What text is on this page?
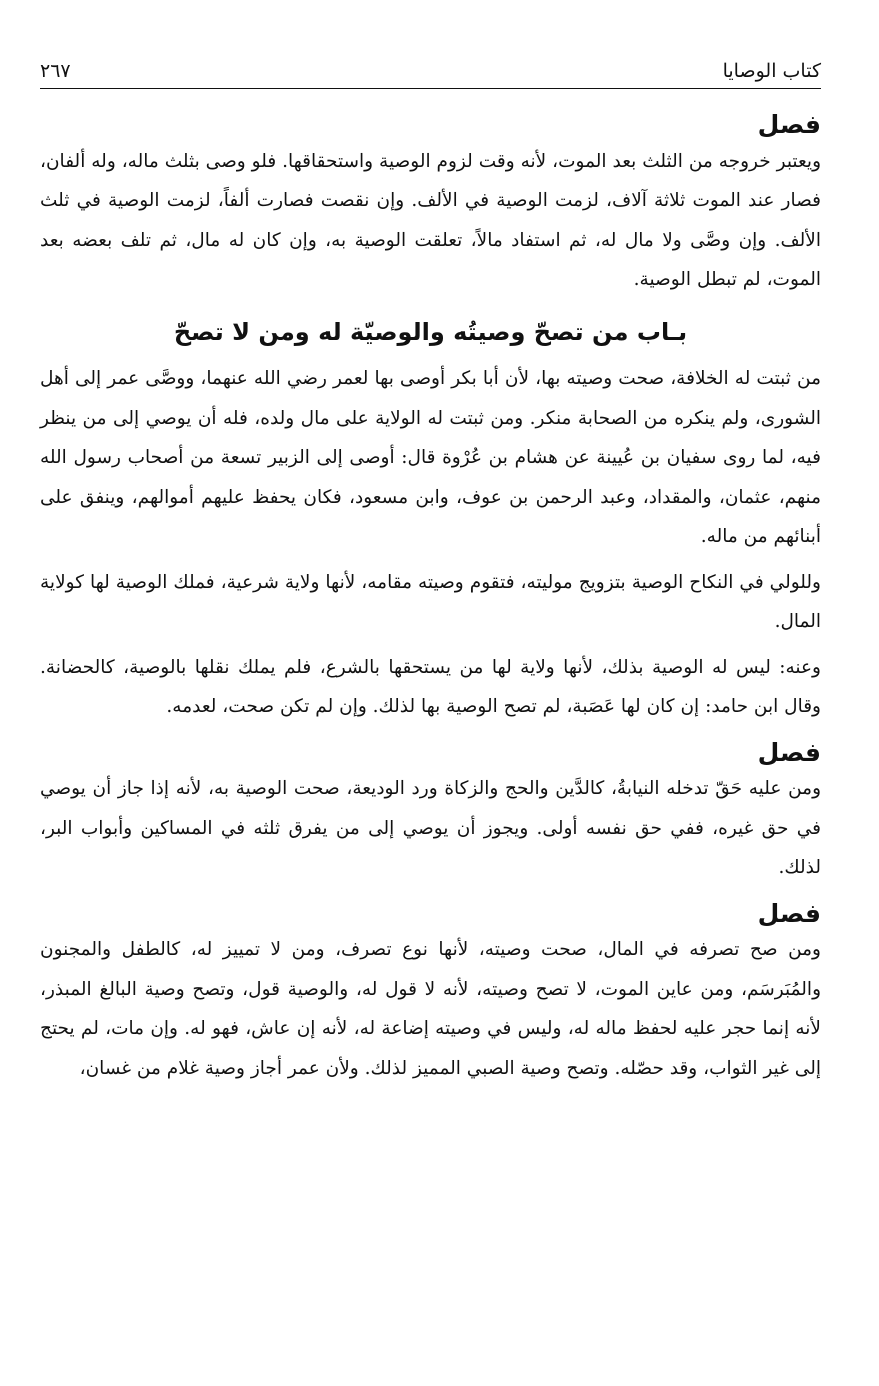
كتاب الوصايا
٢٦٧
فصل

ويعتبر خروجه من الثلث بعد الموت، لأنه وقت لزوم الوصية واستحقاقها. فلو وصى بثلث ماله، وله ألفان، فصار عند الموت ثلاثة آلاف، لزمت الوصية في الألف. وإن نقصت فصارت ألفاً، لزمت الوصية في ثلث الألف. وإن وصَّى ولا مال له، ثم استفاد مالاً، تعلقت الوصية به، وإن كان له مال، ثم تلف بعضه بعد الموت، لم تبطل الوصية.

بـاب من تصحّ وصيتُه والوصيّة له ومن لا تصحّ

من ثبتت له الخلافة، صحت وصيته بها، لأن أبا بكر أوصى بها لعمر رضي الله عنهما، ووصَّى عمر إلى أهل الشورى، ولم ينكره من الصحابة منكر. ومن ثبتت له الولاية على مال ولده، فله أن يوصي إلى من ينظر فيه، لما روى سفيان بن عُيينة عن هشام بن عُرْوة قال: أوصى إلى الزبير تسعة من أصحاب رسول الله منهم، عثمان، والمقداد، وعبد الرحمن بن عوف، وابن مسعود، فكان يحفظ عليهم أموالهم، وينفق على أبنائهم من ماله.

وللولي في النكاح الوصية بتزويج موليته، فتقوم وصيته مقامه، لأنها ولاية شرعية، فملك الوصية لها كولاية المال.

وعنه: ليس له الوصية بذلك، لأنها ولاية لها من يستحقها بالشرع، فلم يملك نقلها بالوصية، كالحضانة. وقال ابن حامد: إن كان لها عَصَبة، لم تصح الوصية بها لذلك. وإن لم تكن صحت، لعدمه.

فصل

ومن عليه حَقّ تدخله النيابةُ، كالدَّين والحج والزكاة ورد الوديعة، صحت الوصية به، لأنه إذا جاز أن يوصي في حق غيره، ففي حق نفسه أولى. ويجوز أن يوصي إلى من يفرق ثلثه في المساكين وأبواب البر، لذلك.

فصل

ومن صح تصرفه في المال، صحت وصيته، لأنها نوع تصرف، ومن لا تمييز له، كالطفل والمجنون والمُبَرسَم، ومن عاين الموت، لا تصح وصيته، لأنه لا قول له، والوصية قول، وتصح وصية البالغ المبذر، لأنه إنما حجر عليه لحفظ ماله له، وليس في وصيته إضاعة له، لأنه إن عاش، فهو له. وإن مات، لم يحتج إلى غير الثواب، وقد حصّله. وتصح وصية الصبي المميز لذلك. ولأن عمر أجاز وصية غلام من غسان،
